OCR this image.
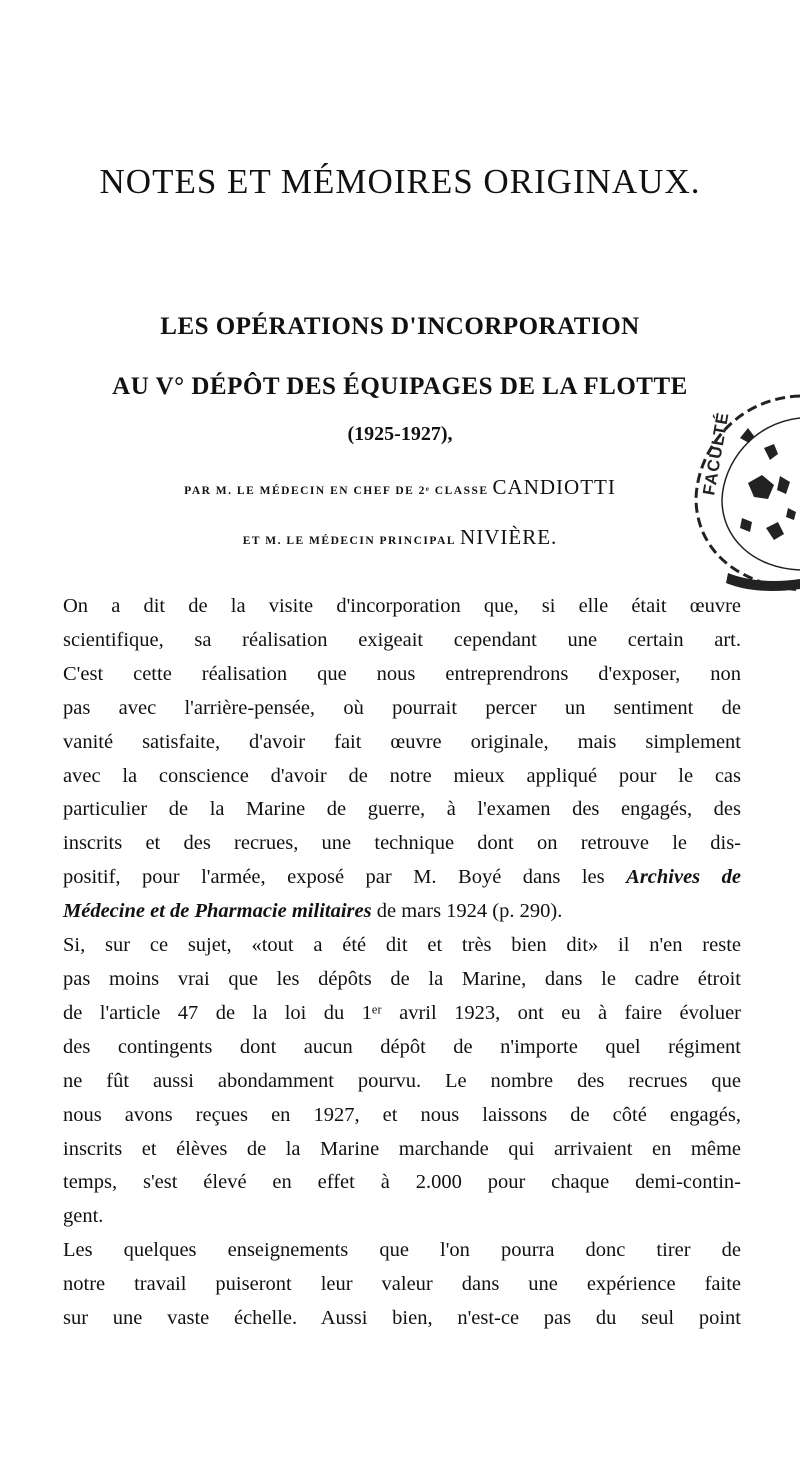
NOTES ET MÉMOIRES ORIGINAUX.
LES OPÉRATIONS D'INCORPORATION
AU V° DÉPÔT DES ÉQUIPAGES DE LA FLOTTE
(1925-1927),
PAR M. LE MÉDECIN EN CHEF DE 2ᵉ CLASSE CANDIOTTI
ET M. LE MÉDECIN PRINCIPAL NIVIÈRE.
FACULTÉ
On a dit de la visite d'incorporation que, si elle était œuvre
scientifique, sa réalisation exigeait cependant une certain art.
C'est cette réalisation que nous entreprendrons d'exposer, non
pas avec l'arrière-pensée, où pourrait percer un sentiment de
vanité satisfaite, d'avoir fait œuvre originale, mais simplement
avec la conscience d'avoir de notre mieux appliqué pour le cas
particulier de la Marine de guerre, à l'examen des engagés, des
inscrits et des recrues, une technique dont on retrouve le dis-
positif, pour l'armée, exposé par M. Boyé dans les Archives de
Médecine et de Pharmacie militaires de mars 1924 (p. 290).
Si, sur ce sujet, «tout a été dit et très bien dit» il n'en reste
pas moins vrai que les dépôts de la Marine, dans le cadre étroit
de l'article 47 de la loi du 1ᵉʳ avril 1923, ont eu à faire évoluer
des contingents dont aucun dépôt de n'importe quel régiment
ne fût aussi abondamment pourvu. Le nombre des recrues que
nous avons reçues en 1927, et nous laissons de côté engagés,
inscrits et élèves de la Marine marchande qui arrivaient en même
temps, s'est élevé en effet à 2.000 pour chaque demi-contin-
gent.
Les quelques enseignements que l'on pourra donc tirer de
notre travail puiseront leur valeur dans une expérience faite
sur une vaste échelle. Aussi bien, n'est-ce pas du seul point
